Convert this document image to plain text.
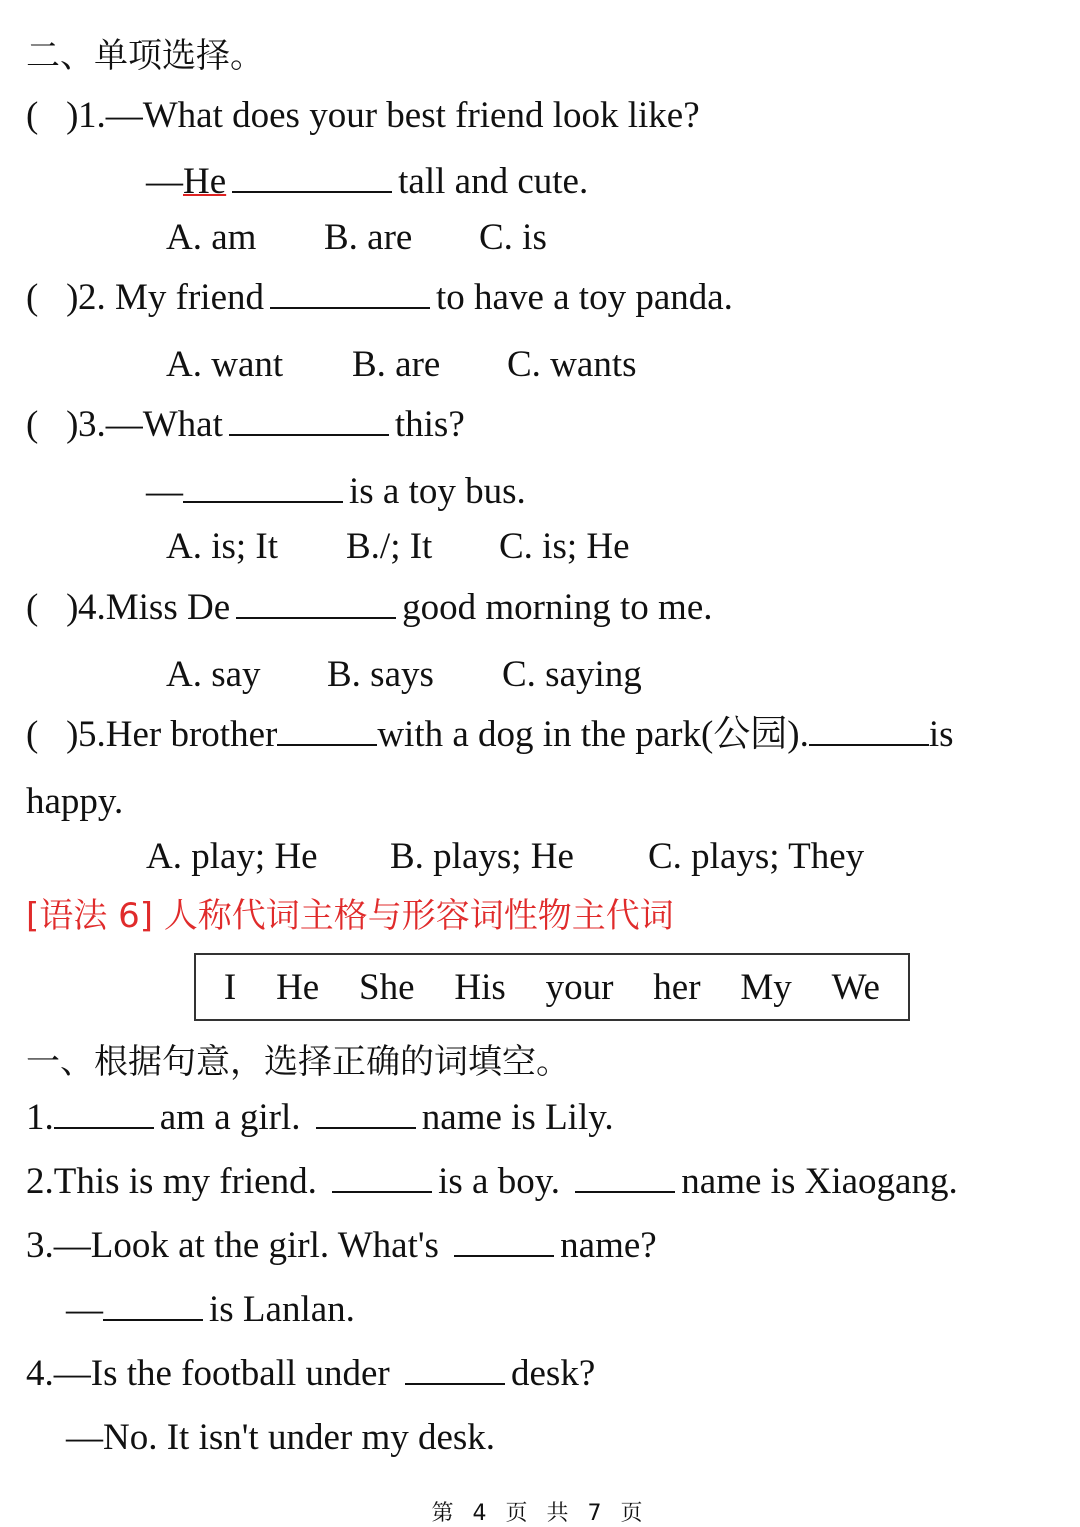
二、单项选择。
(   )1.—What does your best friend look like?
—He	tall and cute.
A. am B. are C. is
(   )2. My friend	to have a toy panda.
A. want B. are C. wants
(   )3.—What	this?
—	is a toy bus.
A. is; It B./; It C. is; He
(   )4.Miss De	good morning to me.
A. say B. says C. saying
(   )5.Her brother	with a dog in the park(公园).	is
happy.
A. play; He B. plays; He C. plays; They
[语法 6] 人称代词主格与形容词性物主代词
I He She His your her My We
一、根据句意，选择正确的词填空。
1.	am a girl.	name is Lily.
2.This is my friend.	is a boy.	name is Xiaogang.
3.—Look at the girl. What's	name?
—	is Lanlan.
4.—Is the football under	desk?
—No. It isn't under my desk.
第 4 页 共 7 页
